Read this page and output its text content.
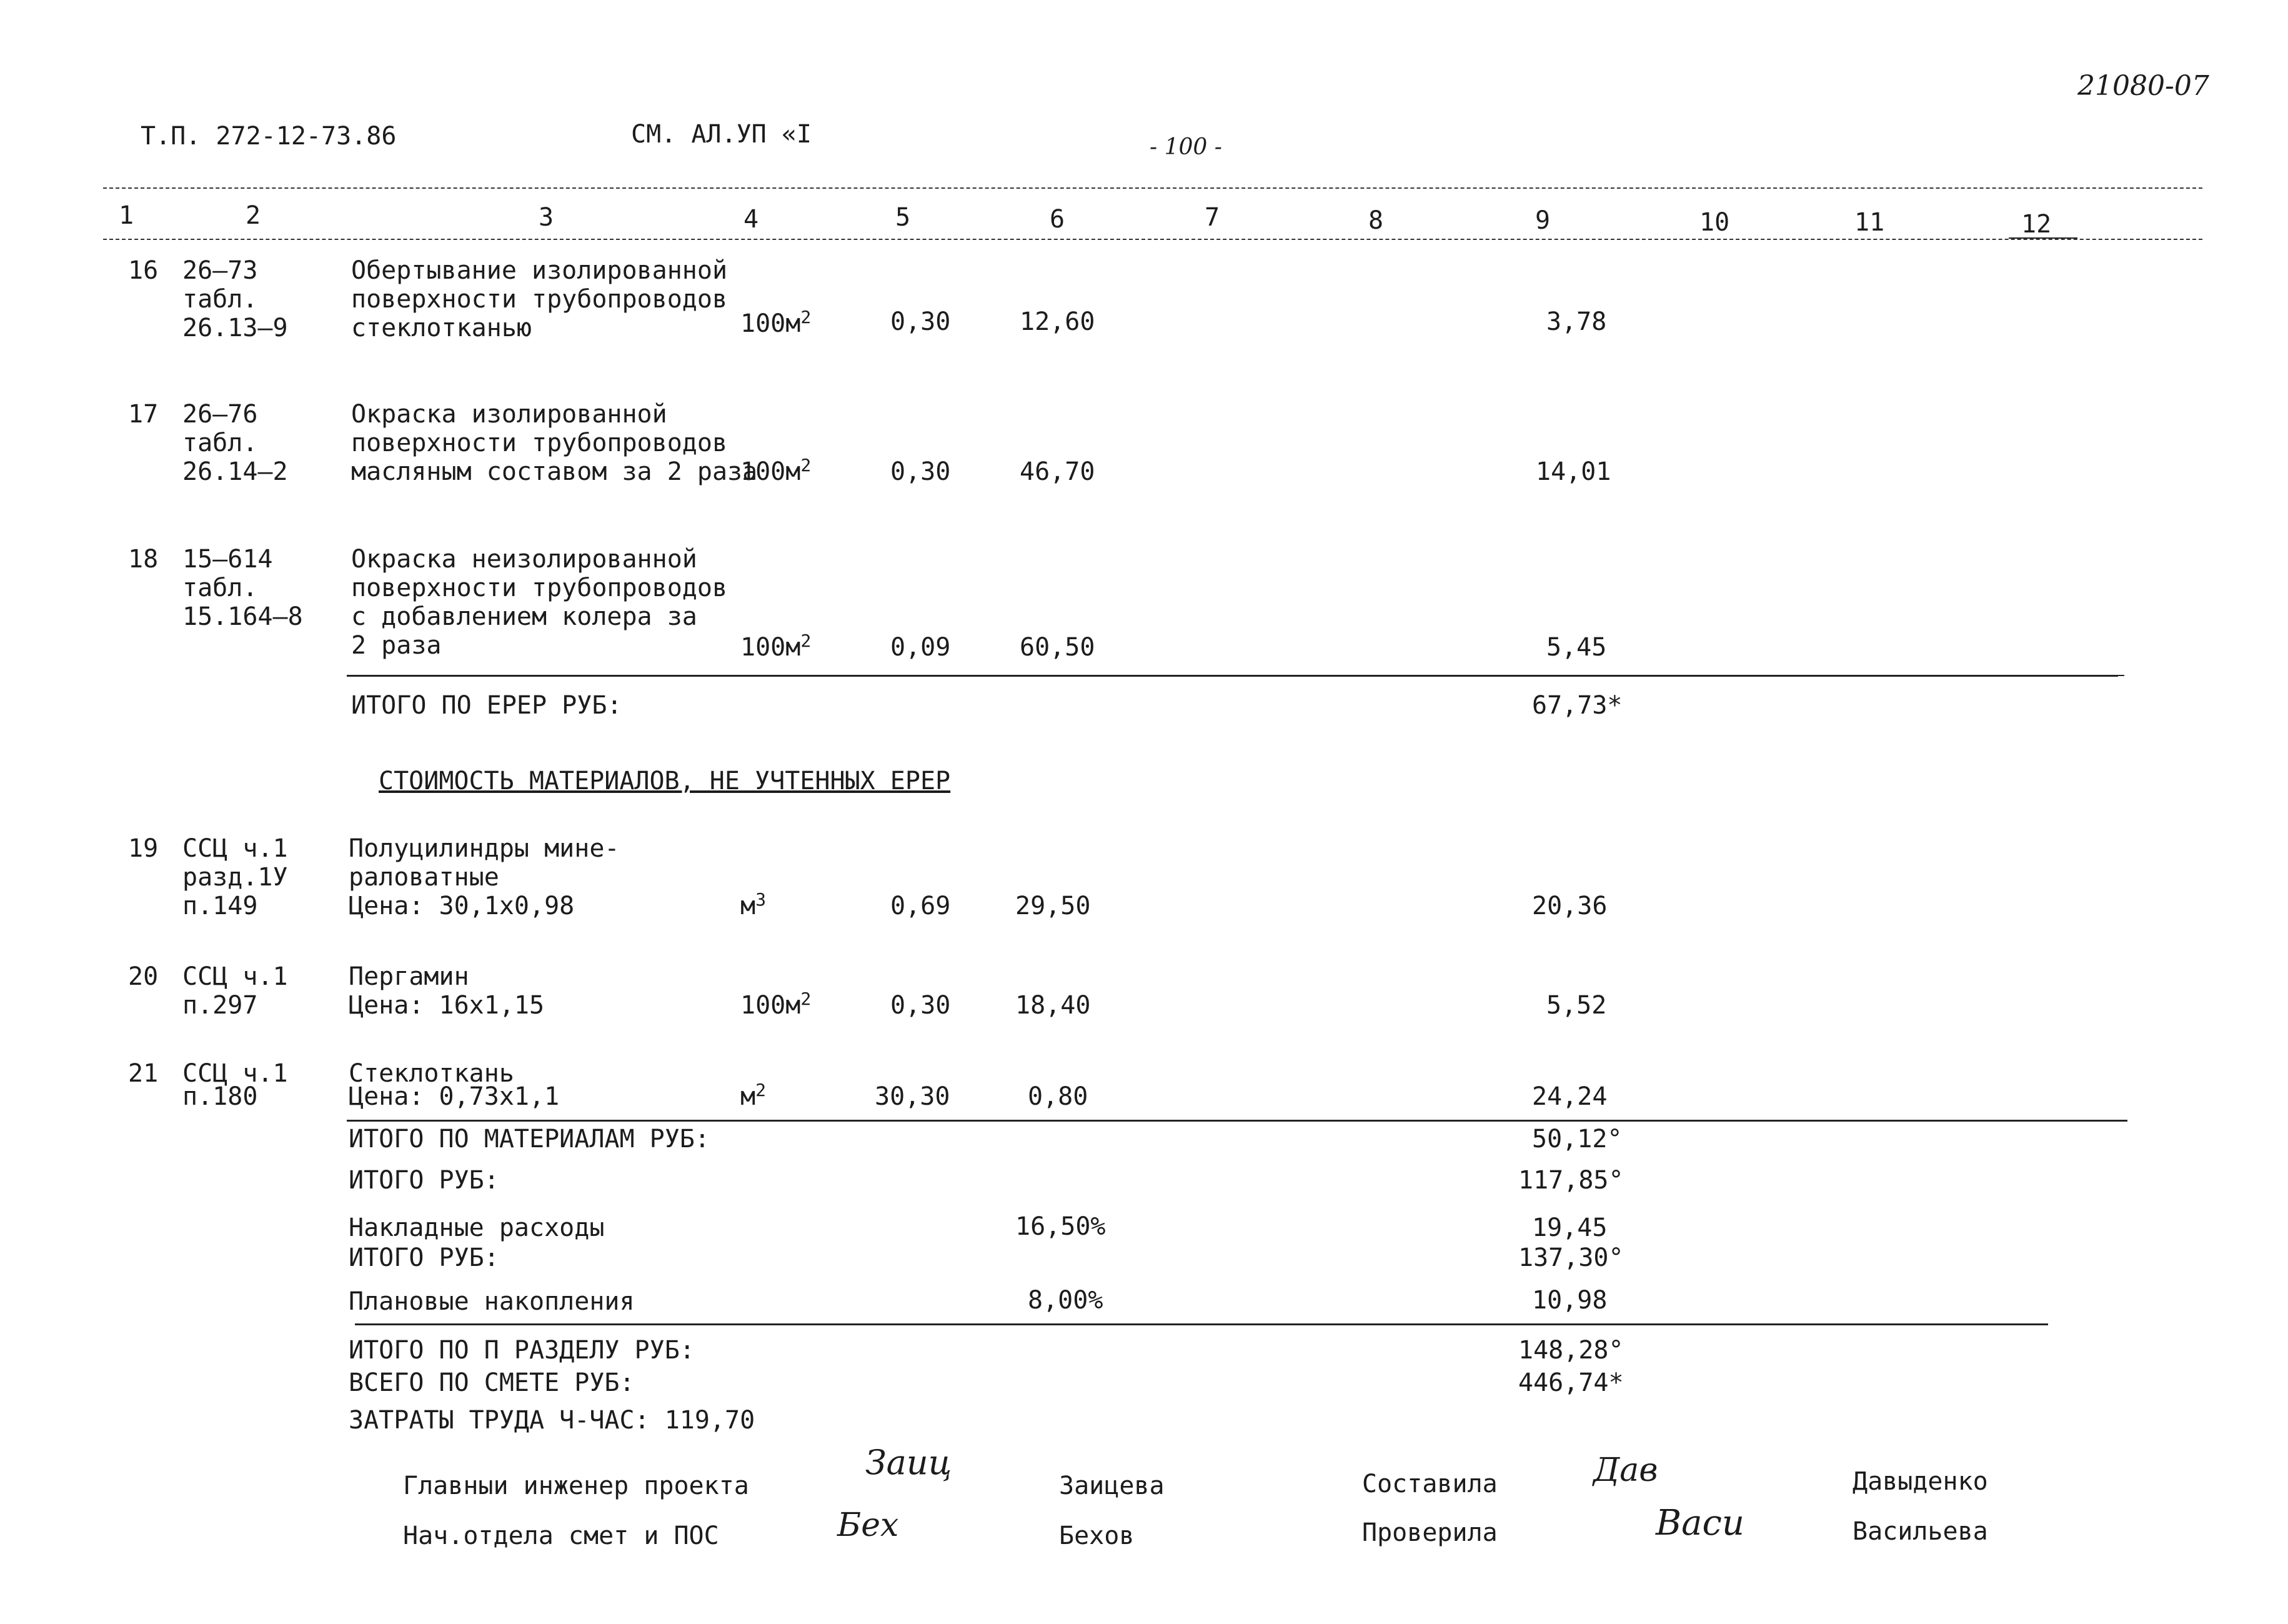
Т.П. 272-12-73.86	СМ. АЛ.УП «І	- 100 -
21080-07
1	2	3	4	5	6	7	8	9	10	11	12
16 26–73
табл.
26.13–9
Обертывание изолированной
поверхности трубопроводов
стеклотканью	$100м^2$	0,30	12,60	3,78
17 26–76
табл.
26.14–2
Окраска изолированной
поверхности трубопроводов
масляным составом за 2 раза
$100м^2$	0,30	46,70	14,01
18 15–614
табл.
15.164–8
Окраска неизолированной
поверхности трубопроводов
с добавлением колера за
2 раза	$100м^2$	0,09	60,50	5,45
ИТОГО ПО ЕРЕР РУБ:	67,73*
СТОИМОСТЬ МАТЕРИАЛОВ, НЕ УЧТЕННЫХ ЕРЕР
19 ССЦ ч.1
разд.1У
п.149
Полуцилиндры мине-
раловатные
Цена: 30,1х0,98	$м^3$	0,69	29,50	20,36
20 ССЦ ч.1
п.297
Пергамин
Цена: 16х1,15	$100м^2$	0,30	18,40	5,52
21 ССЦ ч.1
п.180
Стеклоткань
Цена: 0,73х1,1	$м^2$	30,30	0,80	24,24
ИТОГО ПО МАТЕРИАЛАМ РУБ:	50,12°
ИТОГО РУБ:	117,85°
Накладные расходы	16,50%	19,45
ИТОГО РУБ:	137,30°
Плановые накопления	8,00%	10,98
ИТОГО ПО П РАЗДЕЛУ РУБ:	148,28°
ВСЕГО ПО СМЕТЕ РУБ:	446,74*
ЗАТРАТЫ ТРУДА Ч-ЧАС: 119,70
Главныи инженер проекта
Заиц
Заицева	Составила	Дав	Давыденко
Нач.отдела смет и ПОС	Бех	Бехов	Проверила	Васи	Васильева
